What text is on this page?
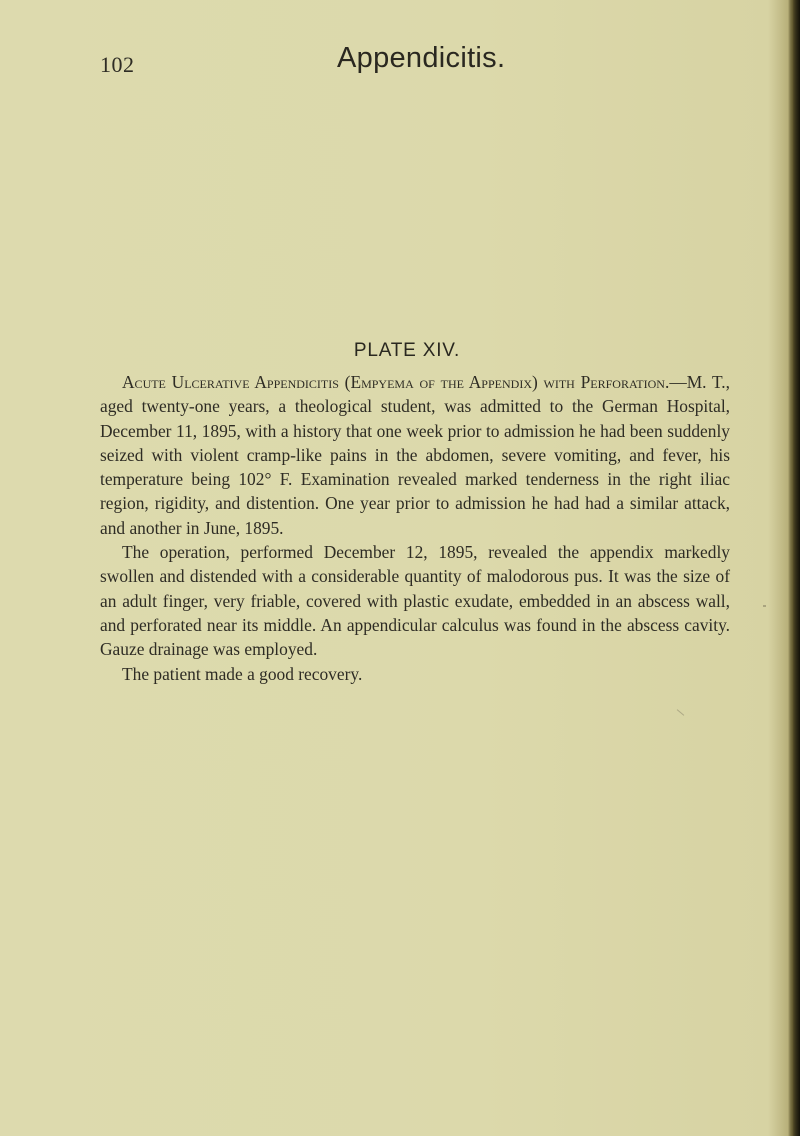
102	Appendicitis.
PLATE XIV.

Acute Ulcerative Appendicitis (Empyema of the Appendix) with Perforation.—M. T., aged twenty-one years, a theological student, was admitted to the German Hospital, December 11, 1895, with a history that one week prior to admission he had been suddenly seized with violent cramp-like pains in the abdomen, severe vomiting, and fever, his temperature being 102° F. Examination revealed marked tenderness in the right iliac region, rigidity, and distention. One year prior to admission he had had a similar attack, and another in June, 1895.

The operation, performed December 12, 1895, revealed the appendix markedly swollen and distended with a considerable quantity of malodorous pus. It was the size of an adult finger, very friable, covered with plastic exudate, embedded in an abscess wall, and perforated near its middle. An appendicular calculus was found in the abscess cavity. Gauze drainage was employed.

The patient made a good recovery.
